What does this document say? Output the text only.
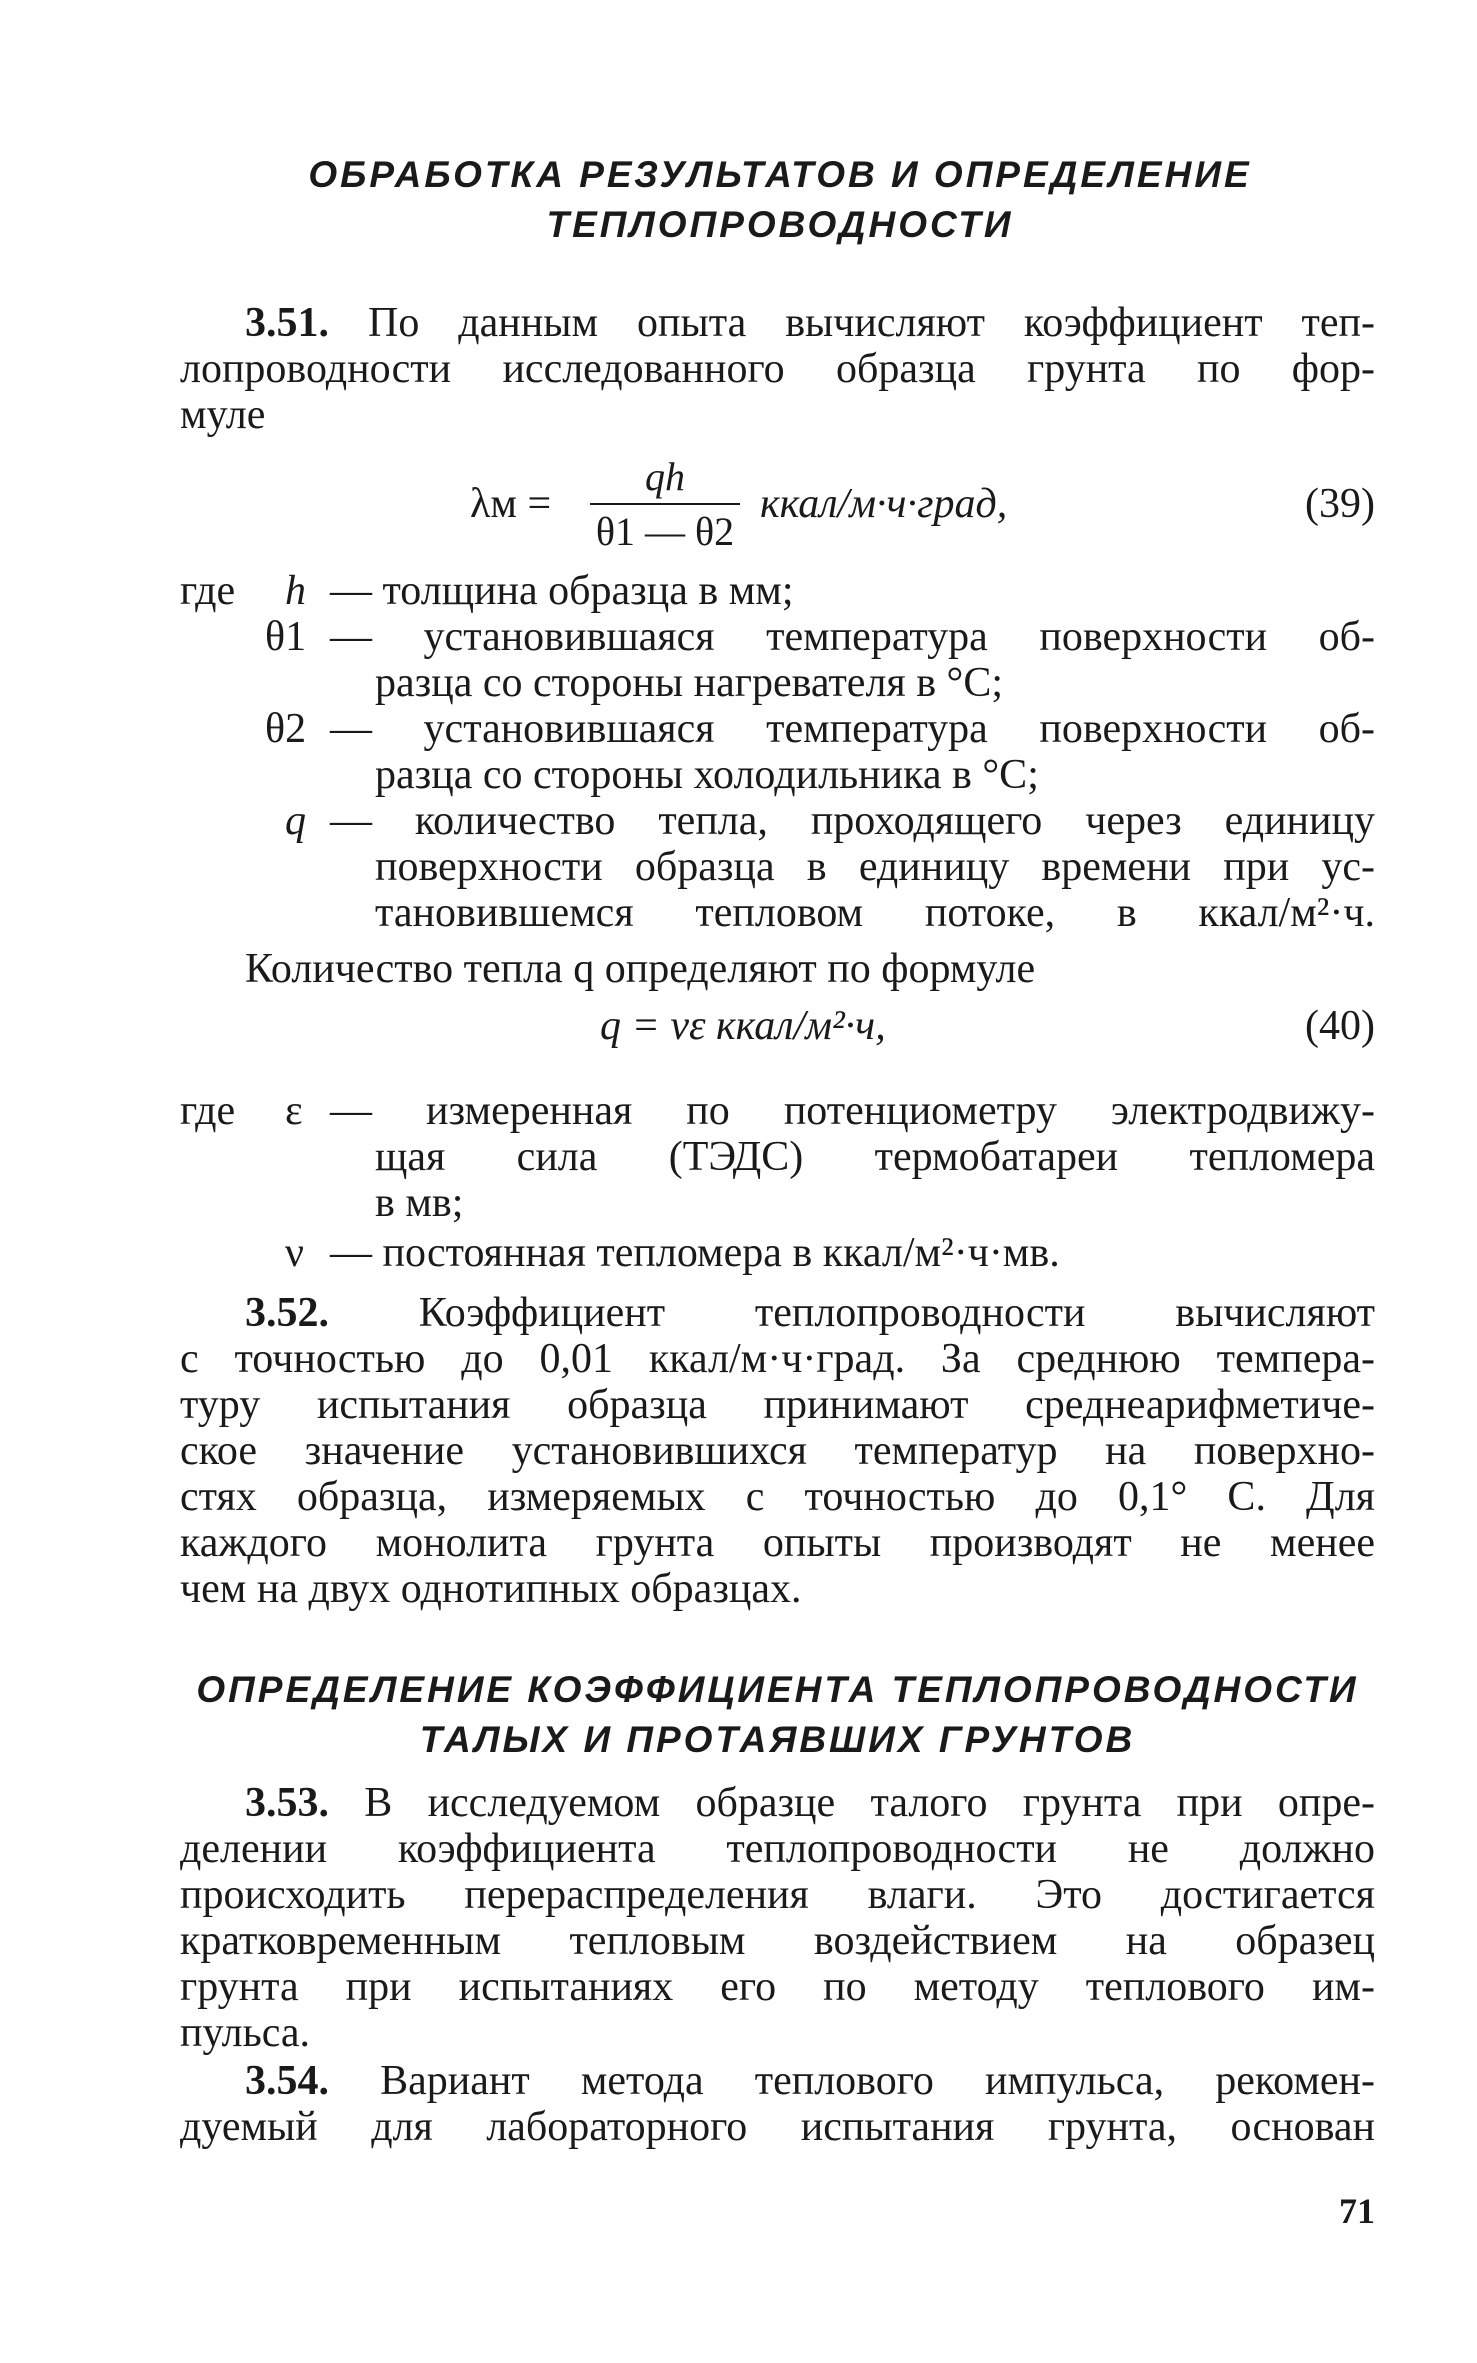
ОБРАБОТКА РЕЗУЛЬТАТОВ И ОПРЕДЕЛЕНИЕ
ТЕПЛОПРОВОДНОСТИ
3.51. По данным опыта вычисляют коэффициент теп-
лопроводности исследованного образца грунта по фор-
муле
λм =
qh
θ1 — θ2
ккал/м·ч·град,	(39)
где h — толщина образца в мм;
θ1 — установившаяся температура поверхности об-
разца со стороны нагревателя в °С;
θ2 — установившаяся температура поверхности об-
разца со стороны холодильника в °С;
q — количество тепла, проходящего через единицу
поверхности образца в единицу времени при ус-
тановившемся тепловом потоке, в ккал/м²·ч.
Количество тепла q определяют по формуле
q = νε ккал/м²·ч,	(40)
где ε — измеренная по потенциометру электродвижу-
щая сила (ТЭДС) термобатареи тепломера
в мв;
ν — постоянная тепломера в ккал/м²·ч·мв.
3.52. Коэффициент теплопроводности вычисляют
с точностью до 0,01 ккал/м·ч·град. За среднюю темпера-
туру испытания образца принимают среднеарифметиче-
ское значение установившихся температур на поверхно-
стях образца, измеряемых с точностью до 0,1° С. Для
каждого монолита грунта опыты производят не менее
чем на двух однотипных образцах.
ОПРЕДЕЛЕНИЕ КОЭФФИЦИЕНТА ТЕПЛОПРОВОДНОСТИ
ТАЛЫХ И ПРОТАЯВШИХ ГРУНТОВ
3.53. В исследуемом образце талого грунта при опре-
делении коэффициента теплопроводности не должно
происходить перераспределения влаги. Это достигается
кратковременным тепловым воздействием на образец
грунта при испытаниях его по методу теплового им-
пульса.
3.54. Вариант метода теплового импульса, рекомен-
дуемый для лабораторного испытания грунта, основан
71
